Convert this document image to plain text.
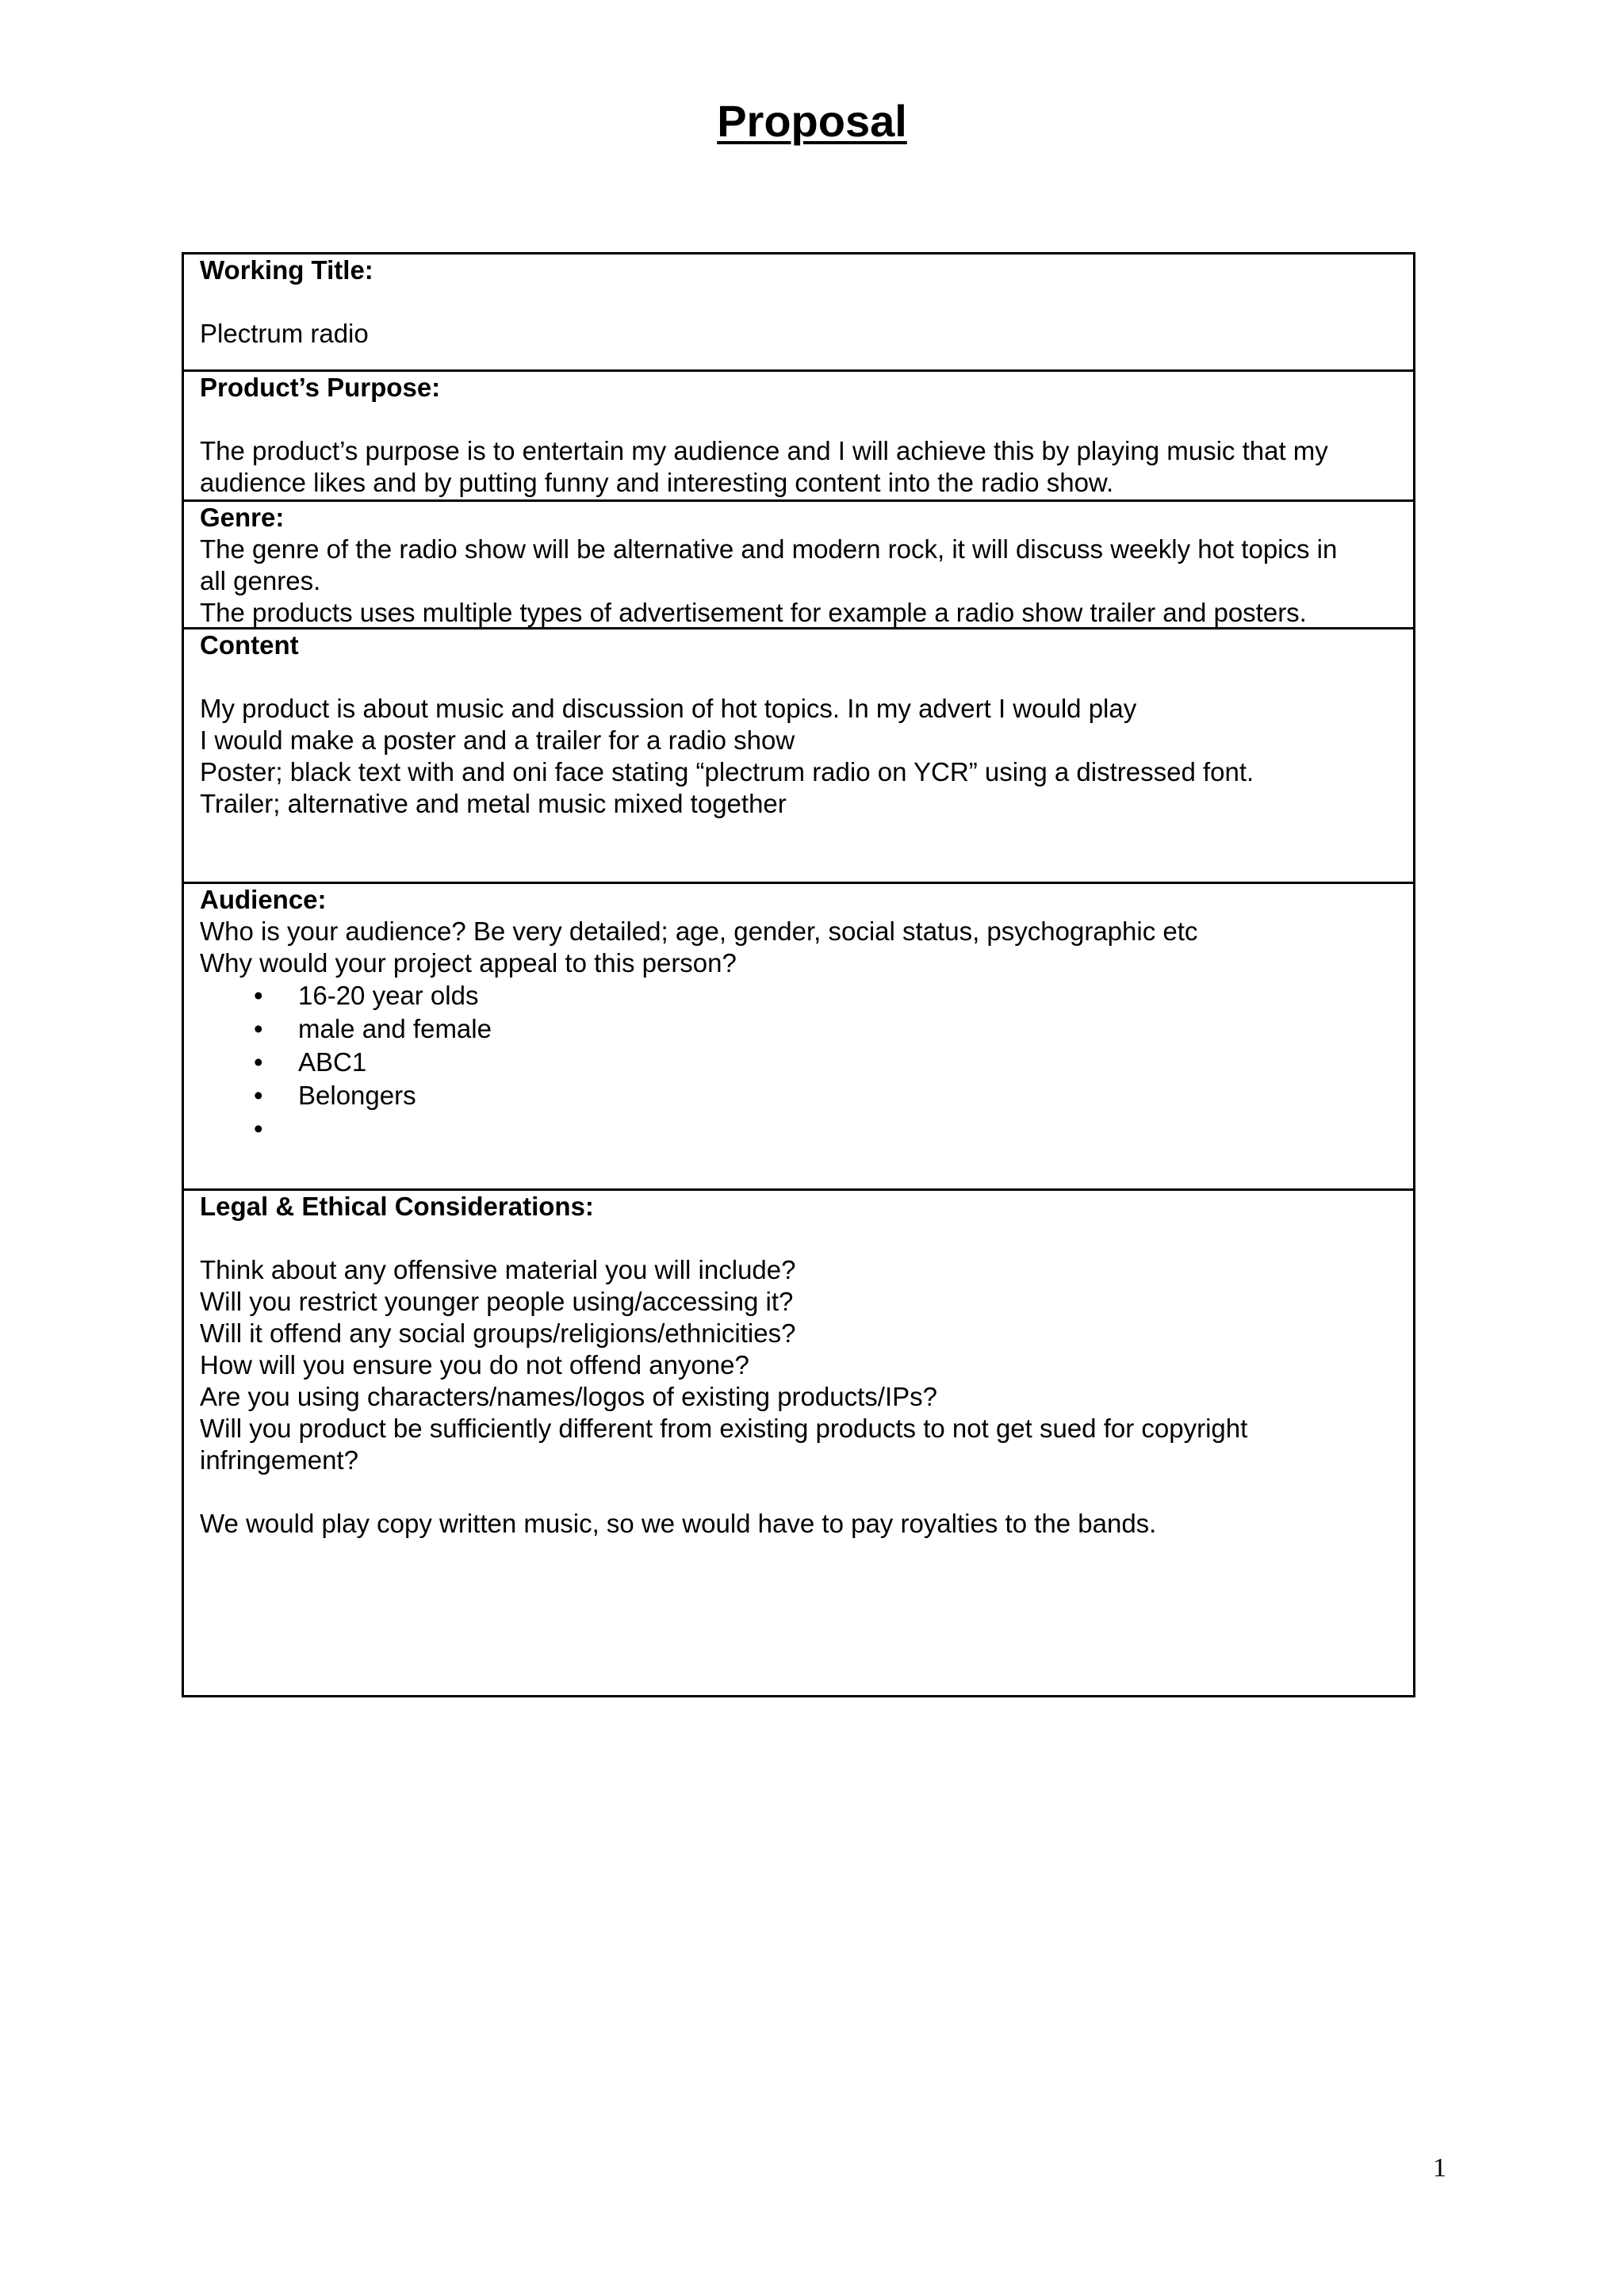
Proposal
Working Title:
Plectrum radio
Product’s Purpose:
The product’s purpose is to entertain my audience and I will achieve this by playing music that my
audience likes and by putting funny and interesting content into the radio show.
Genre:
The genre of the radio show will be alternative and modern rock, it will discuss weekly hot topics in
all genres.
The products uses multiple types of advertisement for example a radio show trailer and posters.
Content
My product is about music and discussion of hot topics. In my advert I would play
I would make a poster and a trailer for a radio show
Poster; black text with and oni face stating “plectrum radio on YCR” using a distressed font.
Trailer; alternative and metal music mixed together
Audience:
Who is your audience? Be very detailed; age, gender, social status, psychographic etc
Why would your project appeal to this person?
• 16-20 year olds
• male and female
• ABC1
• Belongers
•
Legal & Ethical Considerations:
Think about any offensive material you will include?
Will you restrict younger people using/accessing it?
Will it offend any social groups/religions/ethnicities?
How will you ensure you do not offend anyone?
Are you using characters/names/logos of existing products/IPs?
Will you product be sufficiently different from existing products to not get sued for copyright
infringement?
We would play copy written music, so we would have to pay royalties to the bands.
1
